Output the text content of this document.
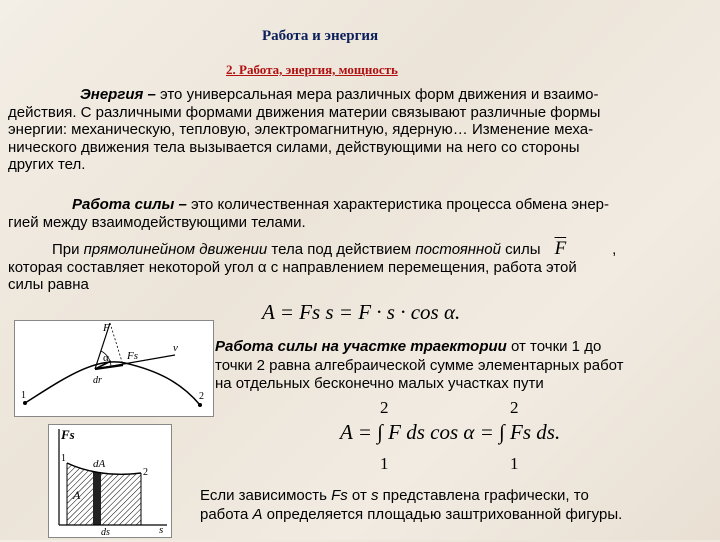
Работа и энергия
2. Работа, энергия, мощность

Энергия – это универсальная мера различных форм движения и взаимо-

действия. С различными формами движения материи связывают различные формы

энергии: механическую, тепловую, электромагнитную, ядерную… Изменение меха-

нического движения тела вызывается силами, действующими на него со стороны

других тел.

Работа силы – это количественная характеристика процесса обмена энер-

гией между взаимодействующими телами.

При прямолинейном движении тела под действием постоянной силы $\overline{F}$	,

которая составляет некоторой угол α с направлением перемещения, работа этой

силы равна

A = Fs s = F · s · cos α.
F
Fs
v
α
dr
1	2
Работа силы на участке траектории от точки 1 до
точки 2 равна алгебраической сумме элементарных работ
на отдельных бесконечно малых участках пути
A = ∫ F ds cos α = ∫ Fs ds.
2
1
2
1
Fs
s
dA
A
ds
1
2
Если зависимость Fs от s представлена графически, то
работа A определяется площадью заштрихованной фигуры.
